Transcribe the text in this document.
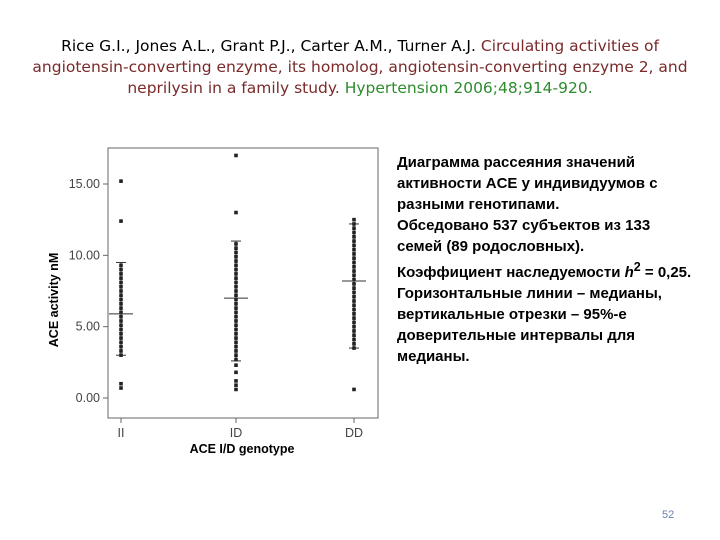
Rice G.I., Jones A.L., Grant P.J., Carter A.M., Turner A.J. Circulating activities of angiotensin-converting enzyme, its homolog, angiotensin-converting enzyme 2, and neprilysin in a family study. Hypertension 2006;48;914-920.
0.00
5.00
10.00
15.00
II	ID	DD
ACE activity nM
ACE I/D genotype

Диаграмма рассеяния значений активности ACE у индивидуумов с разными генотипами.

Обседовано 537 субъектов из 133 семей (89 родословных).

Коэффициент наследуемости $h^2 = 0,25$.

Горизонтальные линии – медианы, вертикальные отрезки – 95%-е доверительные интервалы для медианы.

52
